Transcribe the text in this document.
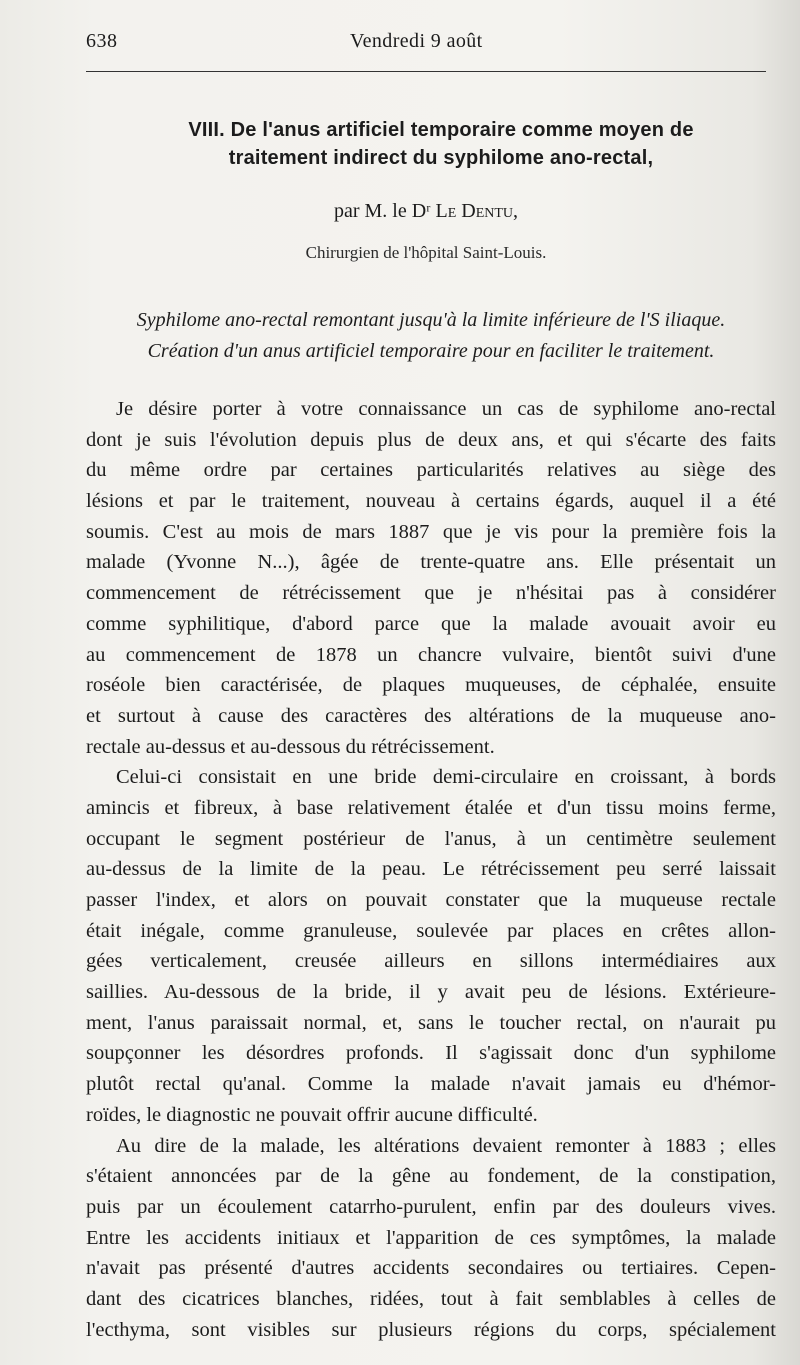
638	Vendredi 9 août
VIII. De l'anus artificiel temporaire comme moyen de
traitement indirect du syphilome ano-rectal,
par M. le Dʳ Le Dentu,
Chirurgien de l'hôpital Saint-Louis.
Syphilome ano-rectal remontant jusqu'à la limite inférieure de l'S iliaque.
Création d'un anus artificiel temporaire pour en faciliter le traitement.
Je désire porter à votre connaissance un cas de syphilome ano-rectal
dont je suis l'évolution depuis plus de deux ans, et qui s'écarte des faits
du même ordre par certaines particularités relatives au siège des
lésions et par le traitement, nouveau à certains égards, auquel il a été
soumis. C'est au mois de mars 1887 que je vis pour la première fois la
malade (Yvonne N...), âgée de trente-quatre ans. Elle présentait un
commencement de rétrécissement que je n'hésitai pas à considérer
comme syphilitique, d'abord parce que la malade avouait avoir eu
au commencement de 1878 un chancre vulvaire, bientôt suivi d'une
roséole bien caractérisée, de plaques muqueuses, de céphalée, ensuite
et surtout à cause des caractères des altérations de la muqueuse ano-
rectale au-dessus et au-dessous du rétrécissement.
Celui-ci consistait en une bride demi-circulaire en croissant, à bords
amincis et fibreux, à base relativement étalée et d'un tissu moins ferme,
occupant le segment postérieur de l'anus, à un centimètre seulement
au-dessus de la limite de la peau. Le rétrécissement peu serré laissait
passer l'index, et alors on pouvait constater que la muqueuse rectale
était inégale, comme granuleuse, soulevée par places en crêtes allon-
gées verticalement, creusée ailleurs en sillons intermédiaires aux
saillies. Au-dessous de la bride, il y avait peu de lésions. Extérieure-
ment, l'anus paraissait normal, et, sans le toucher rectal, on n'aurait pu
soupçonner les désordres profonds. Il s'agissait donc d'un syphilome
plutôt rectal qu'anal. Comme la malade n'avait jamais eu d'hémor-
roïdes, le diagnostic ne pouvait offrir aucune difficulté.
Au dire de la malade, les altérations devaient remonter à 1883 ; elles
s'étaient annoncées par de la gêne au fondement, de la constipation,
puis par un écoulement catarrho-purulent, enfin par des douleurs vives.
Entre les accidents initiaux et l'apparition de ces symptômes, la malade
n'avait pas présenté d'autres accidents secondaires ou tertiaires. Cepen-
dant des cicatrices blanches, ridées, tout à fait semblables à celles de
l'ecthyma, sont visibles sur plusieurs régions du corps, spécialement
